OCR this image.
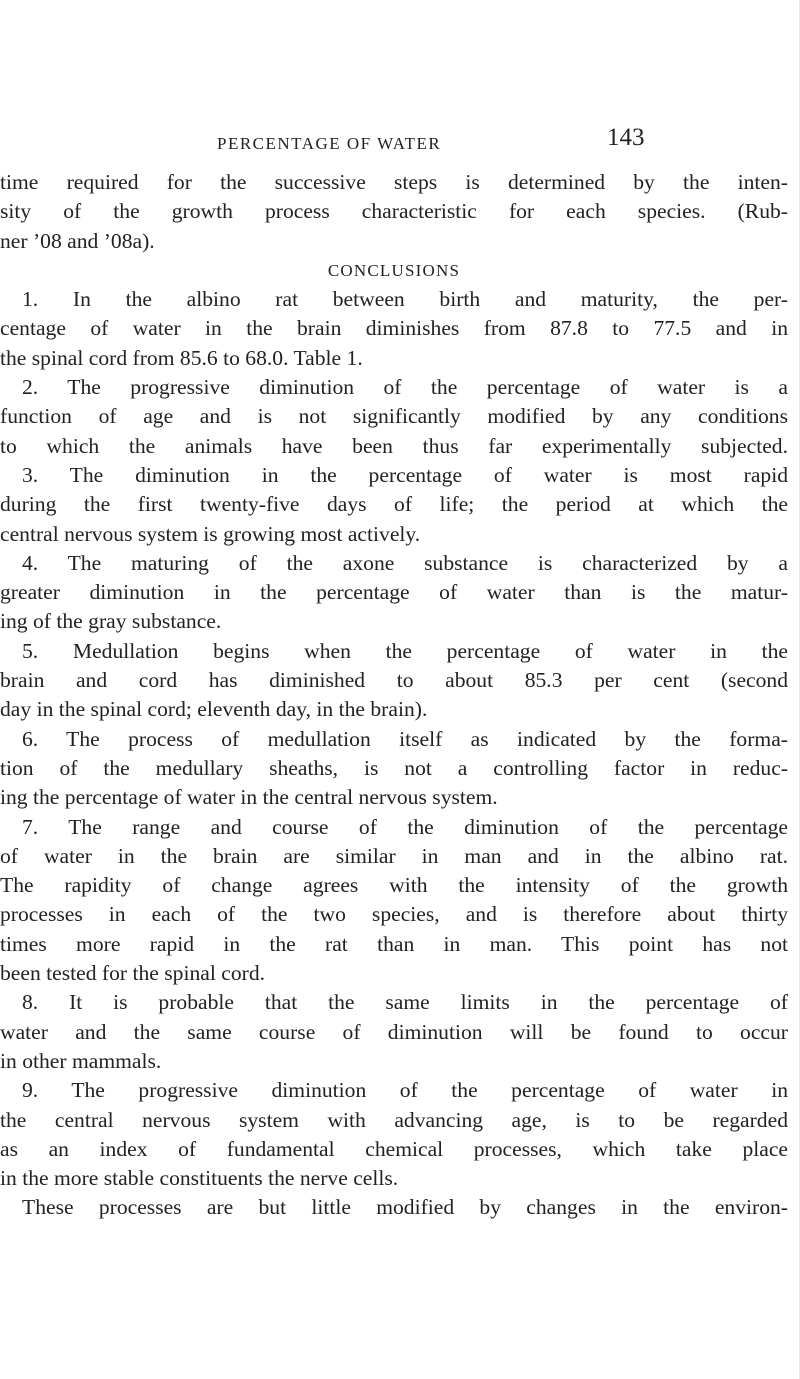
PERCENTAGE OF WATER	143
time required for the successive steps is determined by the inten-
sity of the growth process characteristic for each species. (Rub-
ner ’08 and ’08a).
CONCLUSIONS
1. In the albino rat between birth and maturity, the per-
centage of water in the brain diminishes from 87.8 to 77.5 and in
the spinal cord from 85.6 to 68.0. Table 1.
2. The progressive diminution of the percentage of water is a
function of age and is not significantly modified by any conditions
to which the animals have been thus far experimentally subjected.
3. The diminution in the percentage of water is most rapid
during the first twenty-five days of life; the period at which the
central nervous system is growing most actively.
4. The maturing of the axone substance is characterized by a
greater diminution in the percentage of water than is the matur-
ing of the gray substance.
5. Medullation begins when the percentage of water in the
brain and cord has diminished to about 85.3 per cent (second
day in the spinal cord; eleventh day, in the brain).
6. The process of medullation itself as indicated by the forma-
tion of the medullary sheaths, is not a controlling factor in reduc-
ing the percentage of water in the central nervous system.
7. The range and course of the diminution of the percentage
of water in the brain are similar in man and in the albino rat.
The rapidity of change agrees with the intensity of the growth
processes in each of the two species, and is therefore about thirty
times more rapid in the rat than in man. This point has not
been tested for the spinal cord.
8. It is probable that the same limits in the percentage of
water and the same course of diminution will be found to occur
in other mammals.
9. The progressive diminution of the percentage of water in
the central nervous system with advancing age, is to be regarded
as an index of fundamental chemical processes, which take place
in the more stable constituents the nerve cells.
These processes are but little modified by changes in the environ-
